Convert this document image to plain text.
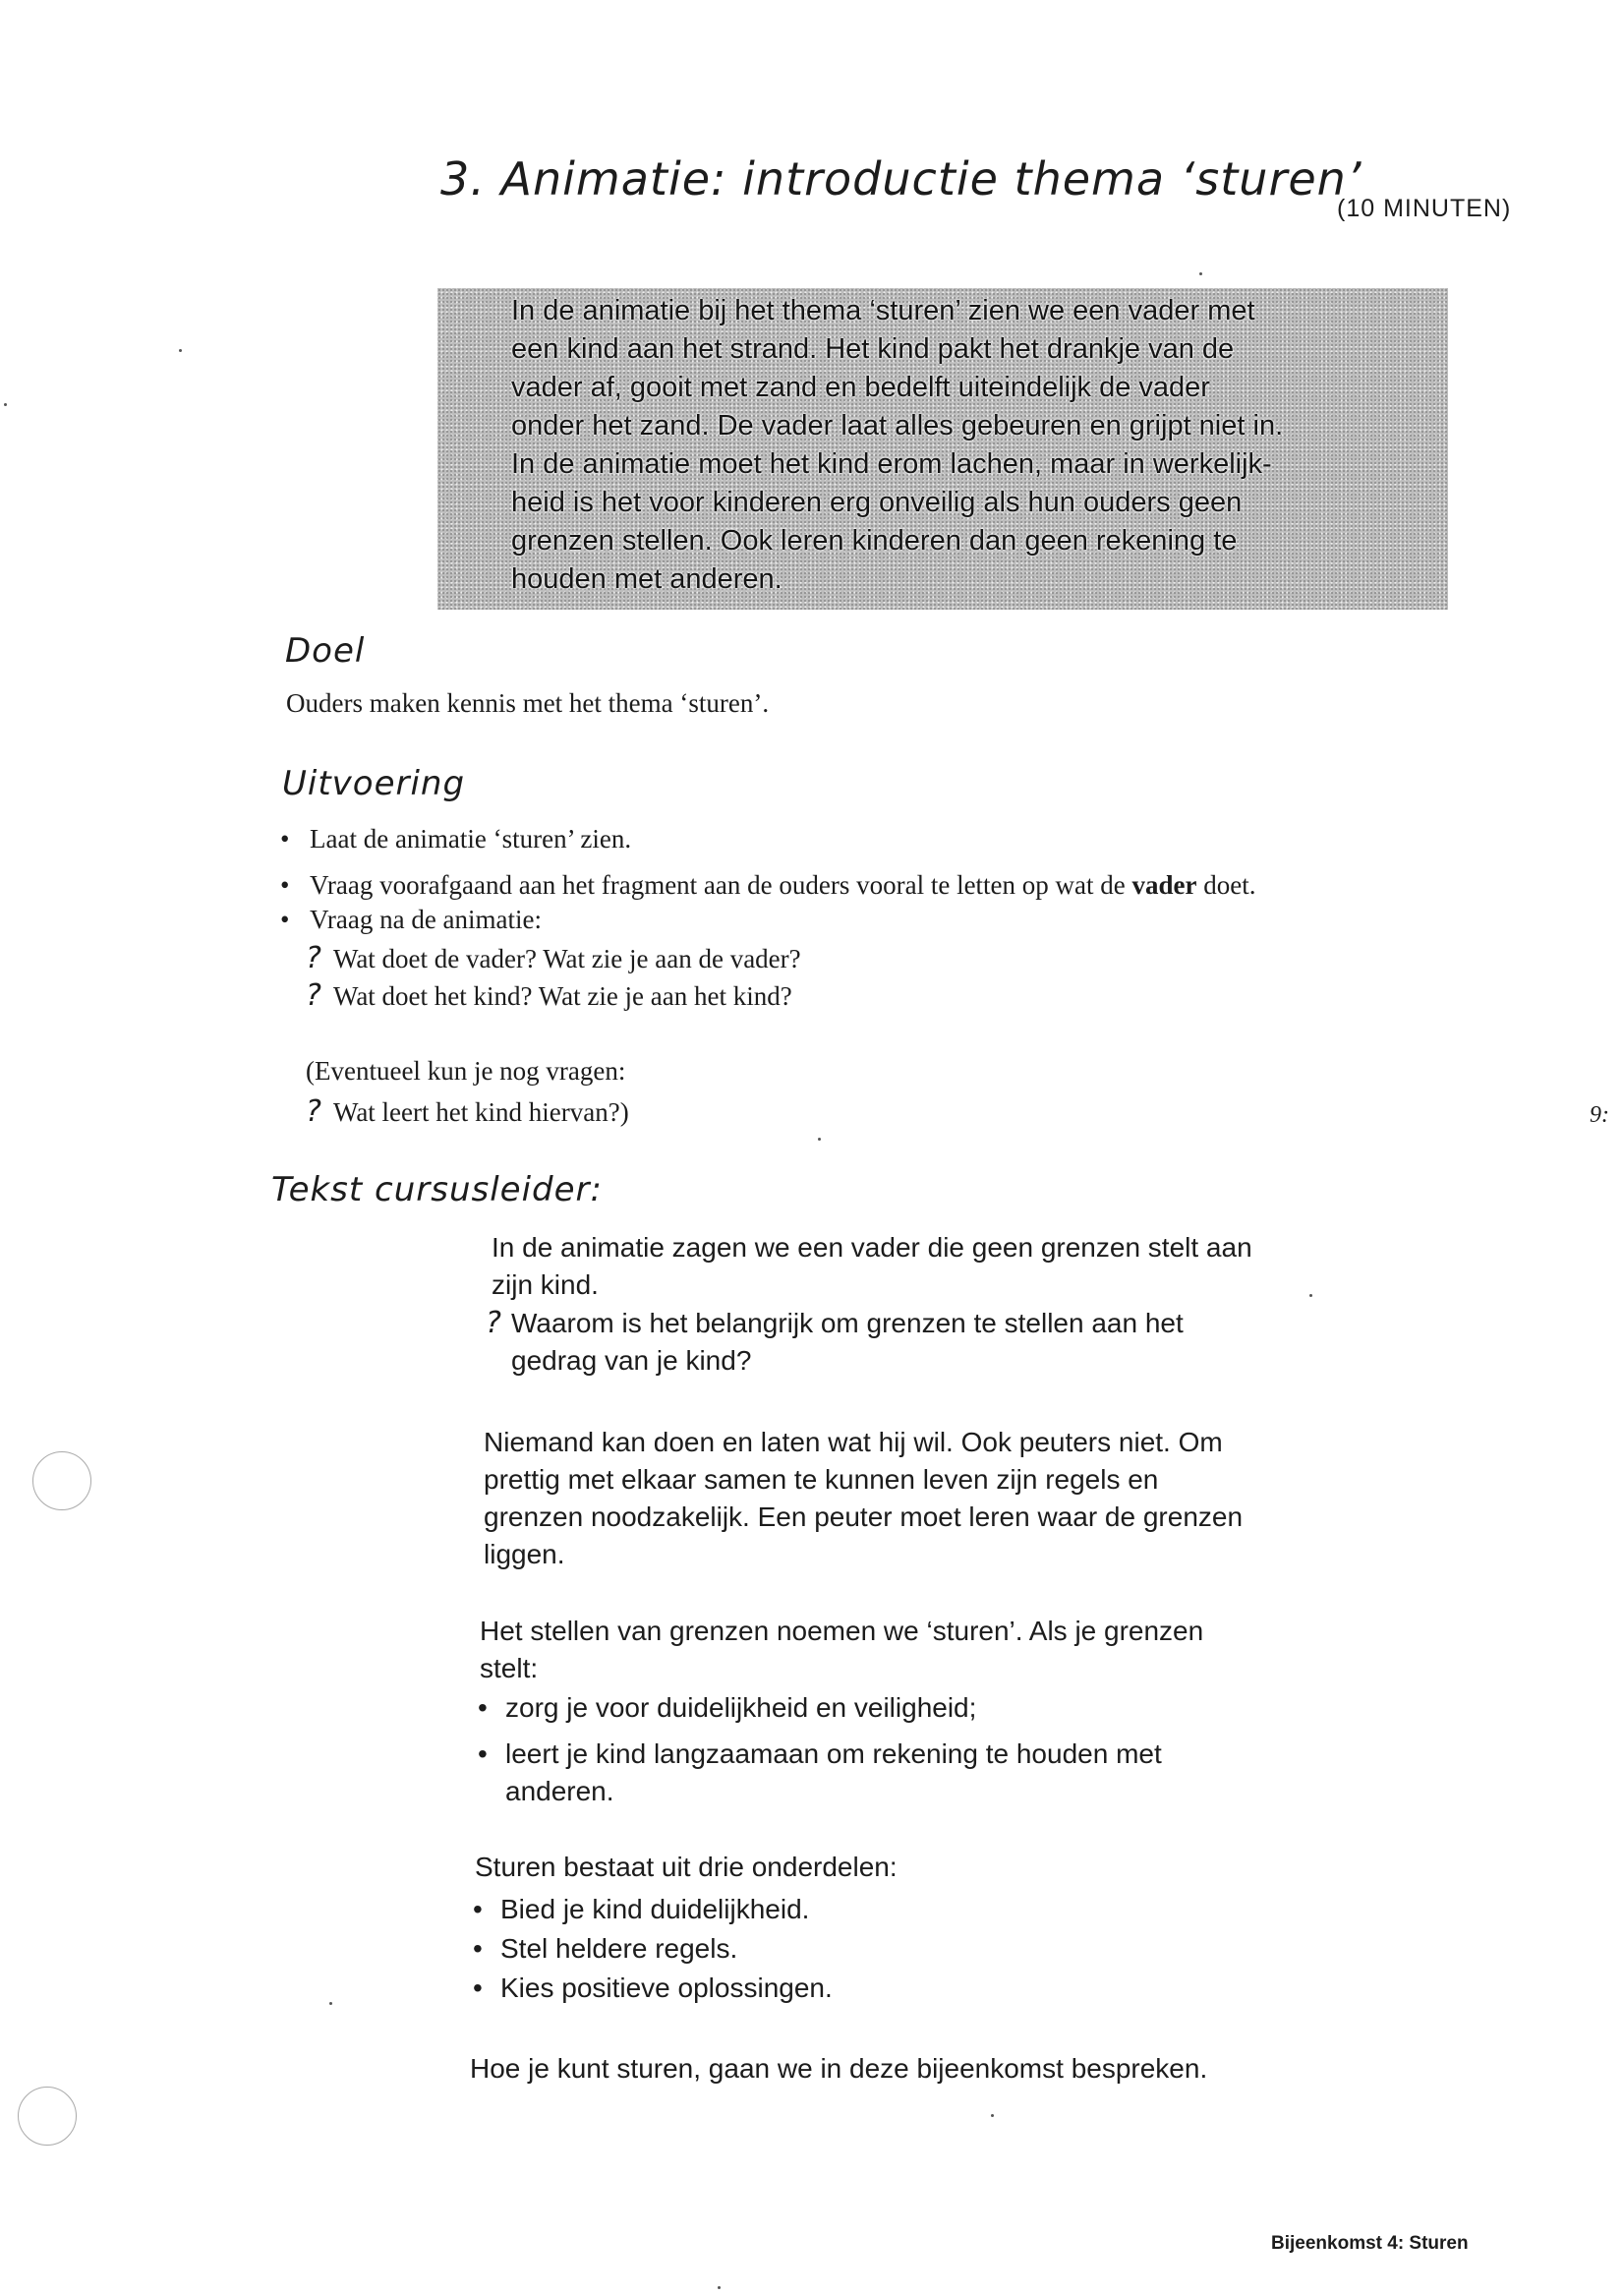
3. Animatie: introductie thema ‘sturen’
(10 MINUTEN)
In de animatie bij het thema ‘sturen’ zien we een vader met
een kind aan het strand. Het kind pakt het drankje van de
vader af, gooit met zand en bedelft uiteindelijk de vader
onder het zand. De vader laat alles gebeuren en grijpt niet in.
In de animatie moet het kind erom lachen, maar in werkelijk-
heid is het voor kinderen erg onveilig als hun ouders geen
grenzen stellen. Ook leren kinderen dan geen rekening te
houden met anderen.
Doel
Ouders maken kennis met het thema ‘sturen’.
Uitvoering
• Laat de animatie ‘sturen’ zien.
• Vraag voorafgaand aan het fragment aan de ouders vooral te letten op wat de vader doet.
• Vraag na de animatie:
? Wat doet de vader? Wat zie je aan de vader?
? Wat doet het kind? Wat zie je aan het kind?
(Eventueel kun je nog vragen:
? Wat leert het kind hiervan?)	9:
Tekst cursusleider:
In de animatie zagen we een vader die geen grenzen stelt aan
zijn kind.
? Waarom is het belangrijk om grenzen te stellen aan het
gedrag van je kind?
Niemand kan doen en laten wat hij wil. Ook peuters niet. Om
prettig met elkaar samen te kunnen leven zijn regels en
grenzen noodzakelijk. Een peuter moet leren waar de grenzen
liggen.
Het stellen van grenzen noemen we ‘sturen’. Als je grenzen
stelt:
• zorg je voor duidelijkheid en veiligheid;
• leert je kind langzaamaan om rekening te houden met
anderen.
Sturen bestaat uit drie onderdelen:
• Bied je kind duidelijkheid.
• Stel heldere regels.
• Kies positieve oplossingen.
Hoe je kunt sturen, gaan we in deze bijeenkomst bespreken.
Bijeenkomst 4: Sturen
